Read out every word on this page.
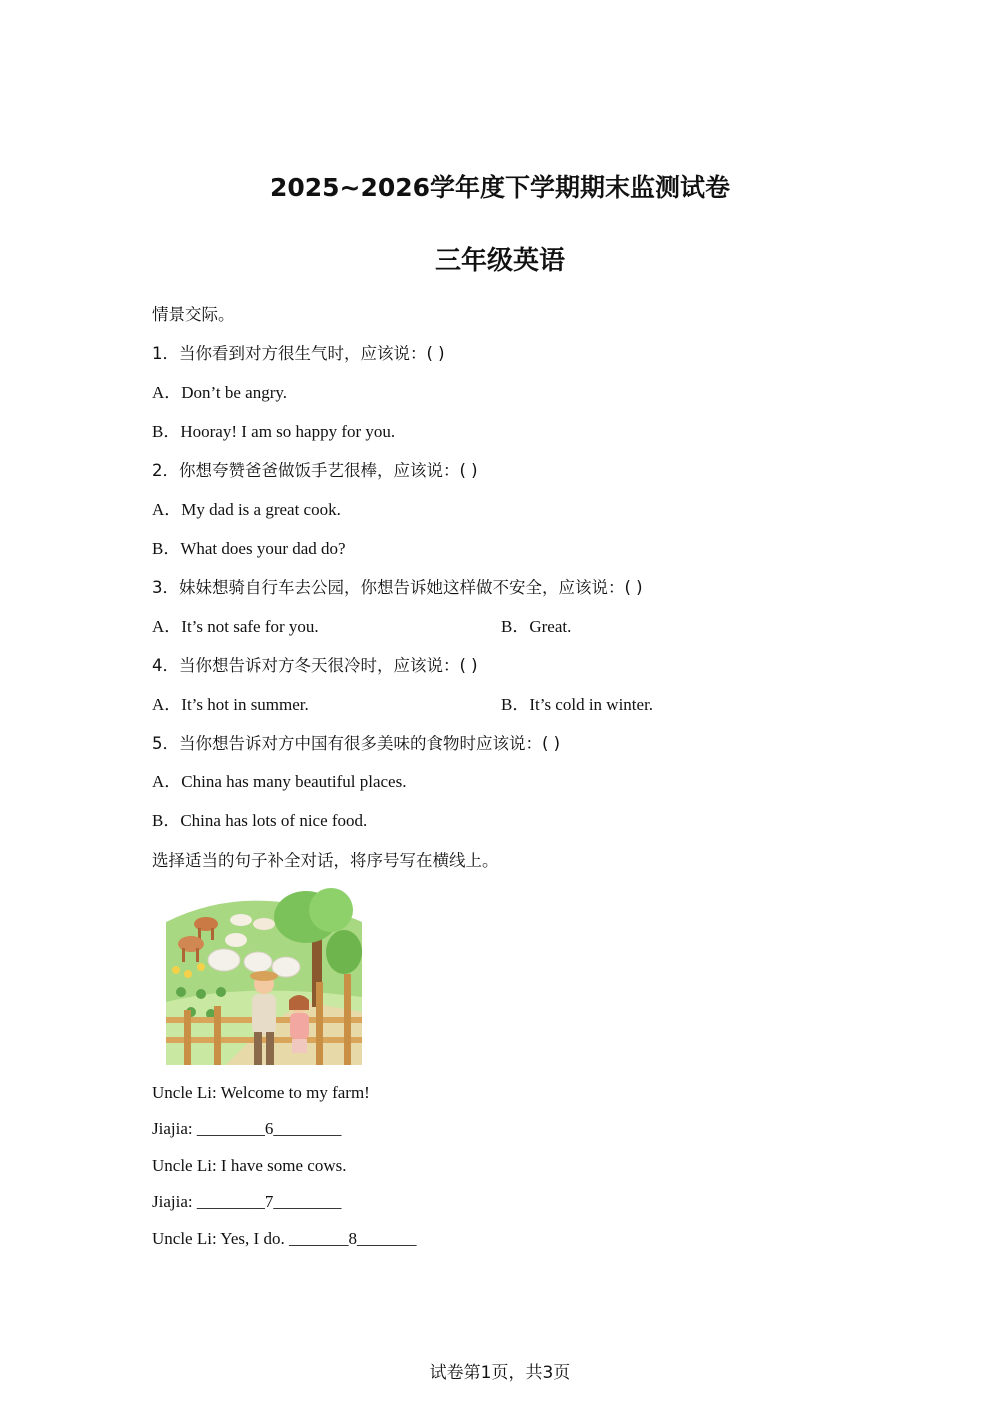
2025~2026学年度下学期期末监测试卷
三年级英语
情景交际。
1．当你看到对方很生气时，应该说：( )
A．Don’t be angry.
B．Hooray! I am so happy for you.
2．你想夸赞爸爸做饭手艺很棒，应该说：( )
A．My dad is a great cook.
B．What does your dad do?
3．妹妹想骑自行车去公园，你想告诉她这样做不安全，应该说：( )
A．It’s not safe for you.	B．Great.
4．当你想告诉对方冬天很冷时，应该说：( )
A．It’s hot in summer.	B．It’s cold in winter.
5．当你想告诉对方中国有很多美味的食物时应该说：( )
A．China has many beautiful places.
B．China has lots of nice food.
选择适当的句子补全对话，将序号写在横线上。
Uncle Li: Welcome to my farm!
Jiajia: ________6________
Uncle Li: I have some cows.
Jiajia: ________7________
Uncle Li: Yes, I do. _______8_______
试卷第1页，共3页
